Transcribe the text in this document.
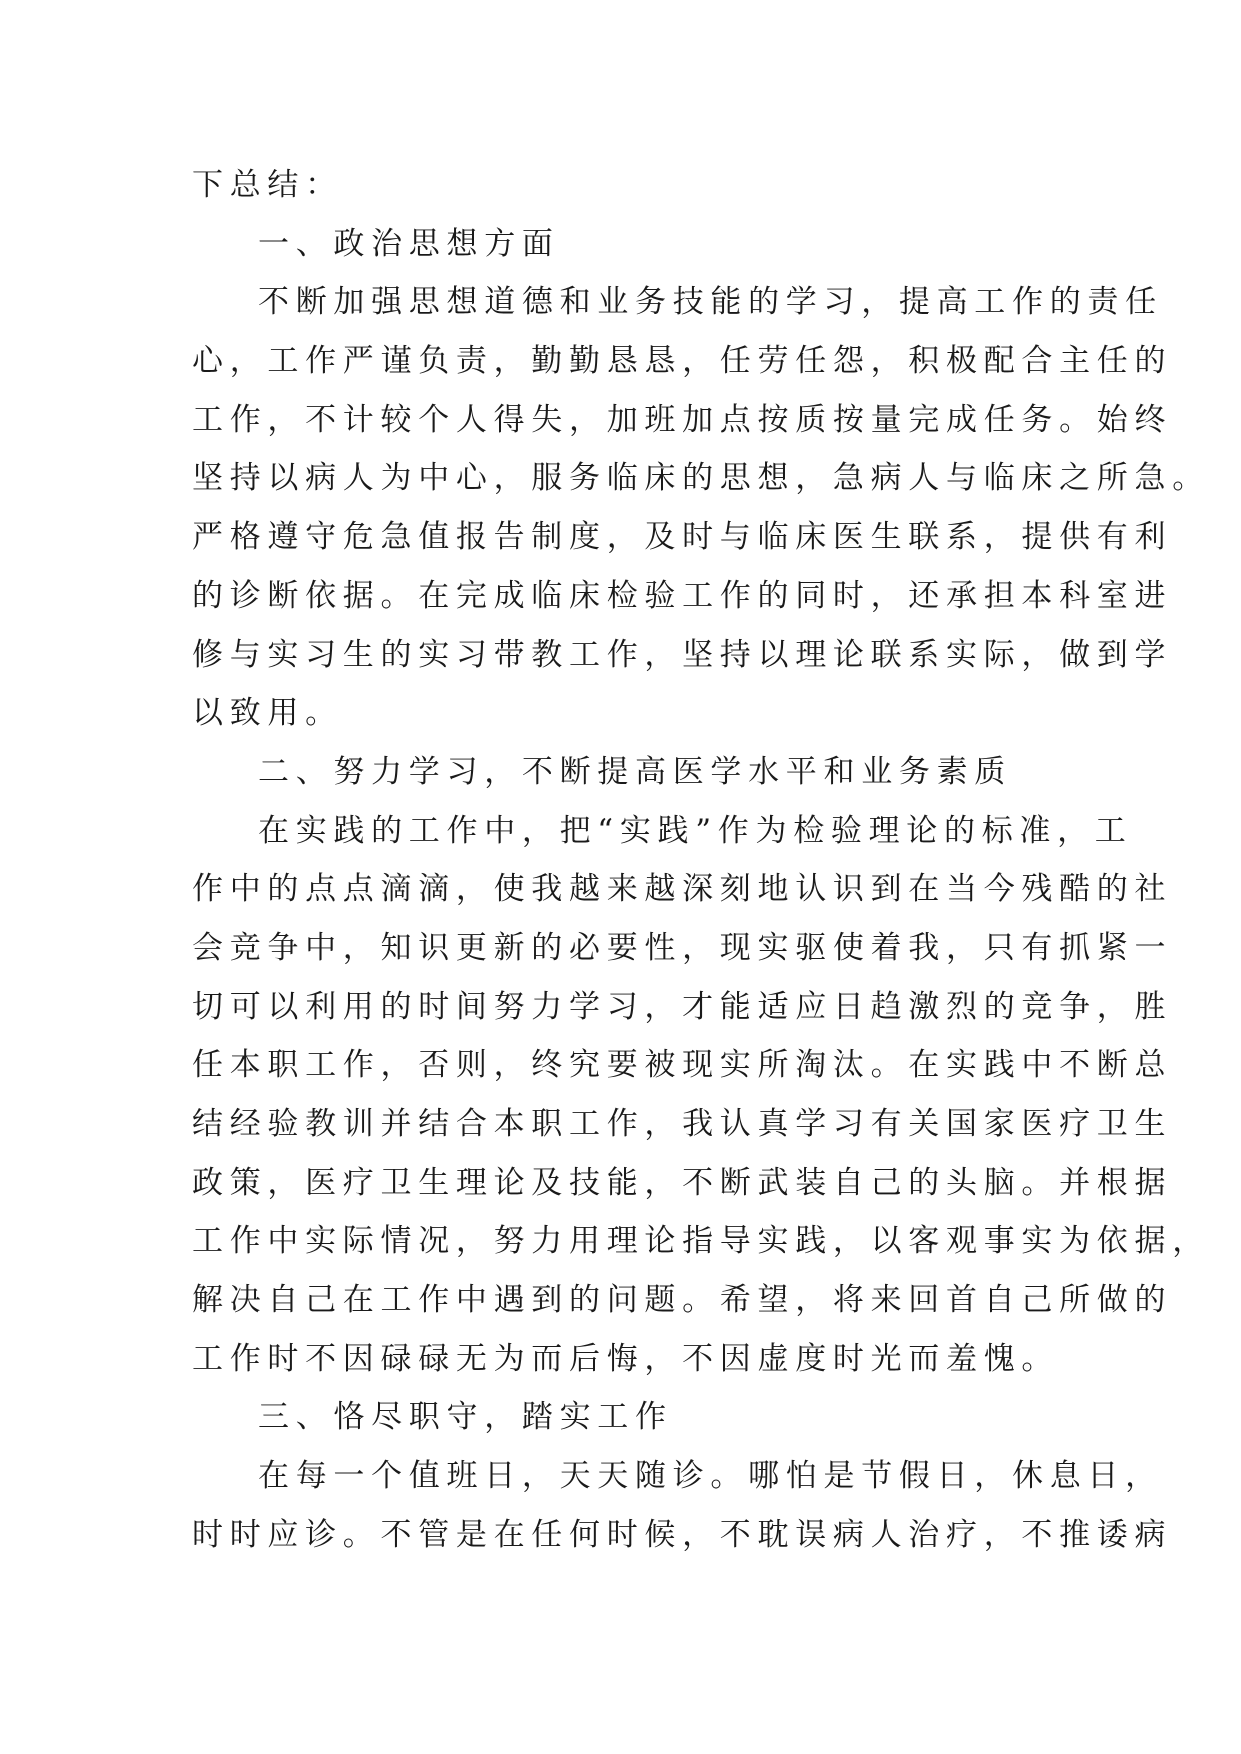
下总结：
一、政治思想方面
不断加强思想道德和业务技能的学习，提高工作的责任
心，工作严谨负责，勤勤恳恳，任劳任怨，积极配合主任的
工作，不计较个人得失，加班加点按质按量完成任务。始终
坚持以病人为中心，服务临床的思想，急病人与临床之所急。
严格遵守危急值报告制度，及时与临床医生联系，提供有利
的诊断依据。在完成临床检验工作的同时，还承担本科室进
修与实习生的实习带教工作，坚持以理论联系实际，做到学
以致用。
二、努力学习，不断提高医学水平和业务素质
在实践的工作中，把“实践”作为检验理论的标准，工
作中的点点滴滴，使我越来越深刻地认识到在当今残酷的社
会竞争中，知识更新的必要性，现实驱使着我，只有抓紧一
切可以利用的时间努力学习，才能适应日趋激烈的竞争，胜
任本职工作，否则，终究要被现实所淘汰。在实践中不断总
结经验教训并结合本职工作，我认真学习有关国家医疗卫生
政策，医疗卫生理论及技能，不断武装自己的头脑。并根据
工作中实际情况，努力用理论指导实践，以客观事实为依据，
解决自己在工作中遇到的问题。希望，将来回首自己所做的
工作时不因碌碌无为而后悔，不因虚度时光而羞愧。
三、恪尽职守，踏实工作
在每一个值班日，天天随诊。哪怕是节假日，休息日，
时时应诊。不管是在任何时候，不耽误病人治疗，不推诿病
